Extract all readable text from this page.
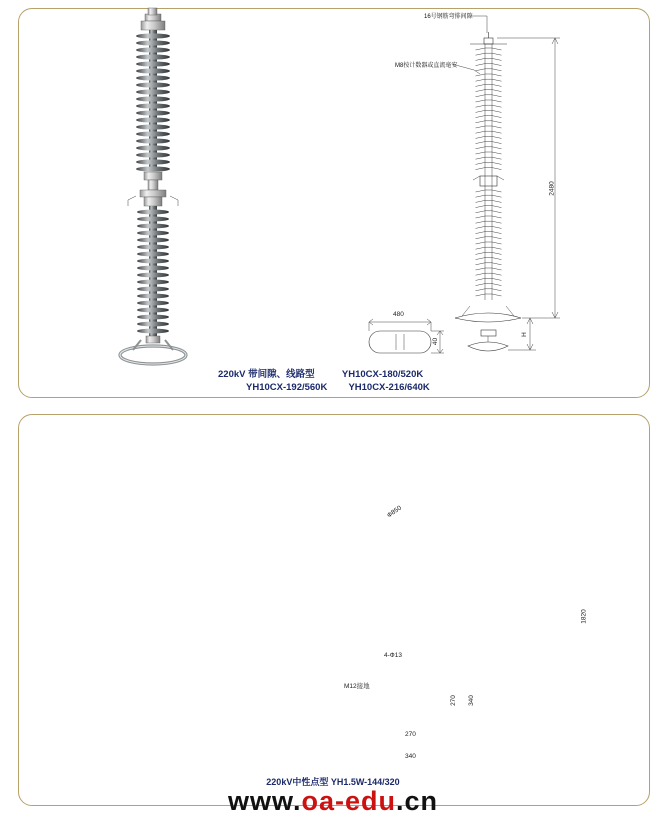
16号钢筋弯排间隙
M8按计数器或直流毫安
480
40
2480
H
220kV 带间隙、线路型	YH10CX-180/520K
YH10CX-192/560K YH10CX-216/640K
Ф850
1820
4-Ф13
M12接地
270 340
270
340
220kV中性点型 YH1.5W-144/320
www.oa-edu.cn
